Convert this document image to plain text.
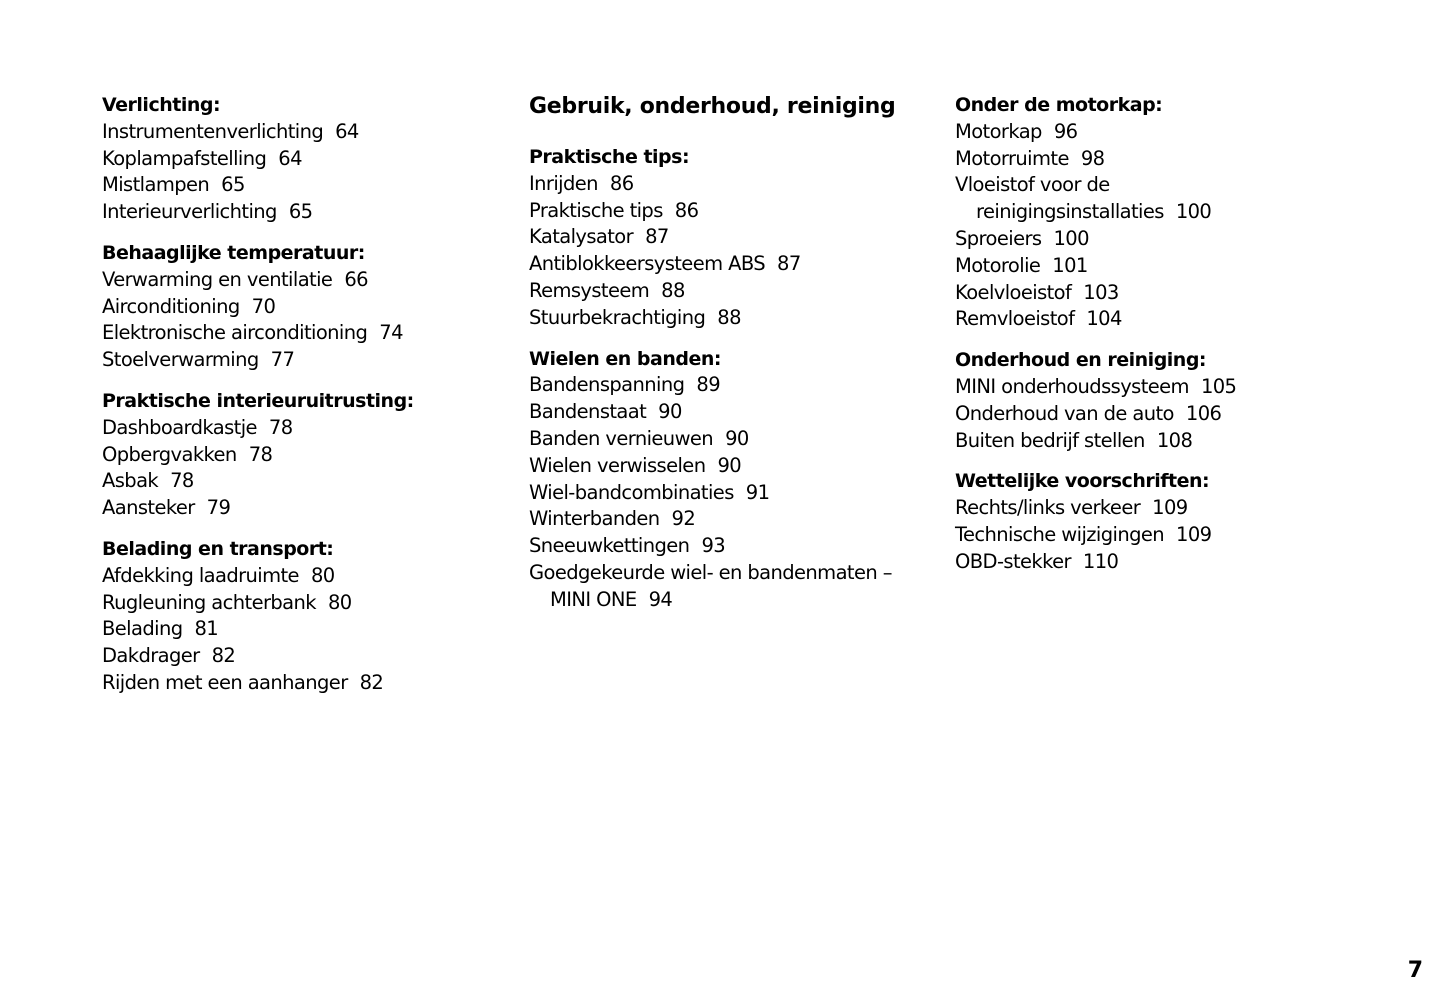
Verlichting:
Instrumentenverlichting 64
Koplampafstelling 64
Mistlampen 65
Interieurverlichting 65
Behaaglijke temperatuur:
Verwarming en ventilatie 66
Airconditioning 70
Elektronische airconditioning 74
Stoelverwarming 77
Praktische interieuruitrusting:
Dashboardkastje 78
Opbergvakken 78
Asbak 78
Aansteker 79
Belading en transport:
Afdekking laadruimte 80
Rugleuning achterbank 80
Belading 81
Dakdrager 82
Rijden met een aanhanger 82
Gebruik, onderhoud, reiniging
Praktische tips:
Inrijden 86
Praktische tips 86
Katalysator 87
Antiblokkeersysteem ABS 87
Remsysteem 88
Stuurbekrachtiging 88
Wielen en banden:
Bandenspanning 89
Bandenstaat 90
Banden vernieuwen 90
Wielen verwisselen 90
Wiel-bandcombinaties 91
Winterbanden 92
Sneeuwkettingen 93
Goedgekeurde wiel- en bandenmaten –
MINI ONE 94
Onder de motorkap:
Motorkap 96
Motorruimte 98
Vloeistof voor de
reinigingsinstallaties 100
Sproeiers 100
Motorolie 101
Koelvloeistof 103
Remvloeistof 104
Onderhoud en reiniging:
MINI onderhoudssysteem 105
Onderhoud van de auto 106
Buiten bedrijf stellen 108
Wettelijke voorschriften:
Rechts/links verkeer 109
Technische wijzigingen 109
OBD-stekker 110
7
